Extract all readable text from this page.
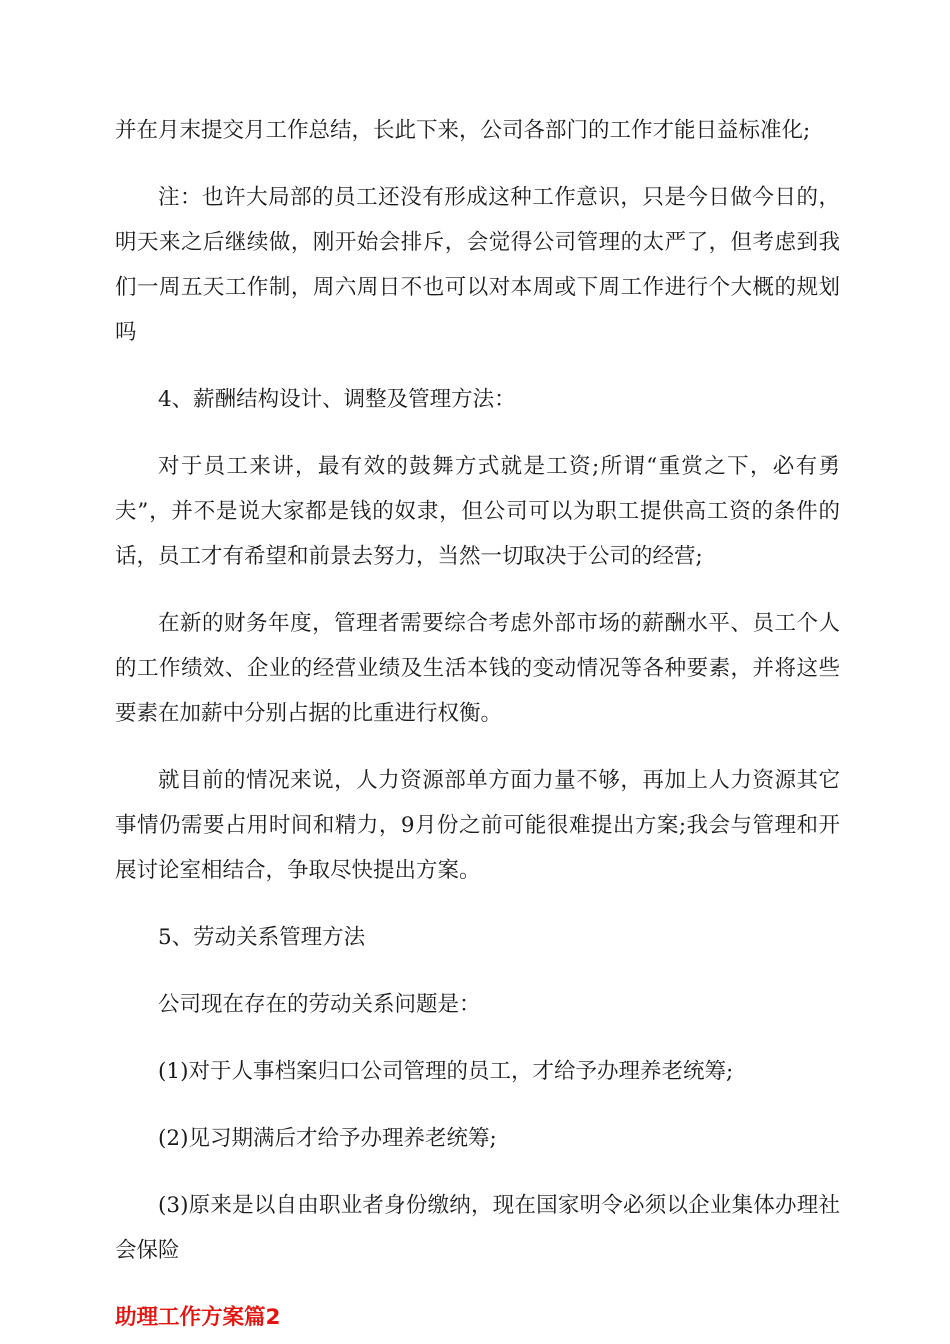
并在月末提交月工作总结，长此下来，公司各部门的工作才能日益标准化;

注：也许大局部的员工还没有形成这种工作意识，只是今日做今日的，明天来之后继续做，刚开始会排斥，会觉得公司管理的太严了，但考虑到我们一周五天工作制，周六周日不也可以对本周或下周工作进行个大概的规划吗

4、薪酬结构设计、调整及管理方法：

对于员工来讲，最有效的鼓舞方式就是工资;所谓“重赏之下，必有勇夫”，并不是说大家都是钱的奴隶，但公司可以为职工提供高工资的条件的话，员工才有希望和前景去努力，当然一切取决于公司的经营;

在新的财务年度，管理者需要综合考虑外部市场的薪酬水平、员工个人的工作绩效、企业的经营业绩及生活本钱的变动情况等各种要素，并将这些要素在加薪中分别占据的比重进行权衡。

就目前的情况来说，人力资源部单方面力量不够，再加上人力资源其它事情仍需要占用时间和精力，9月份之前可能很难提出方案;我会与管理和开展讨论室相结合，争取尽快提出方案。

5、劳动关系管理方法

公司现在存在的劳动关系问题是：

(1)对于人事档案归口公司管理的员工，才给予办理养老统筹;

(2)见习期满后才给予办理养老统筹;

(3)原来是以自由职业者身份缴纳，现在国家明令必须以企业集体办理社会保险

助理工作方案篇2
